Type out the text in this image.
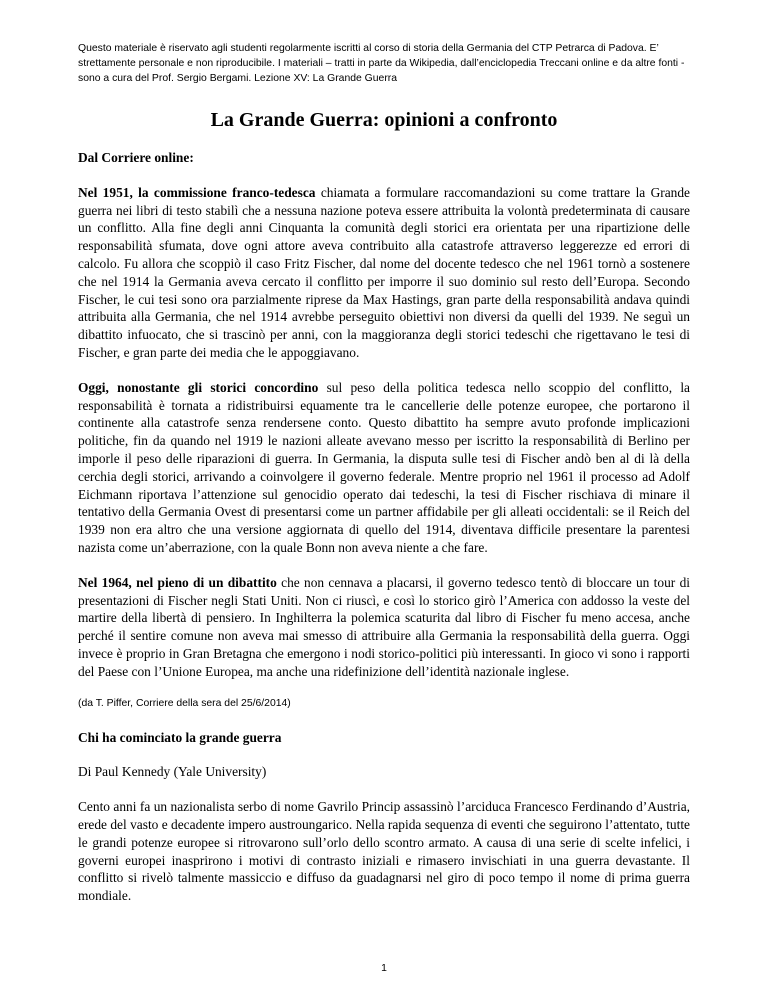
Questo materiale è riservato agli studenti regolarmente iscritti al corso di storia della Germania del CTP Petrarca di Padova. E’ strettamente personale e non riproducibile. I materiali – tratti in parte da Wikipedia, dall’enciclopedia Treccani online e da altre fonti - sono a cura del Prof. Sergio Bergami. Lezione XV: La Grande Guerra
La Grande Guerra: opinioni a confronto
Dal Corriere online:

Nel 1951, la commissione franco-tedesca chiamata a formulare raccomandazioni su come trattare la Grande guerra nei libri di testo stabilì che a nessuna nazione poteva essere attribuita la volontà predeterminata di causare un conflitto. Alla fine degli anni Cinquanta la comunità degli storici era orientata per una ripartizione delle responsabilità sfumata, dove ogni attore aveva contribuito alla catastrofe attraverso leggerezze ed errori di calcolo. Fu allora che scoppiò il caso Fritz Fischer, dal nome del docente tedesco che nel 1961 tornò a sostenere che nel 1914 la Germania aveva cercato il conflitto per imporre il suo dominio sul resto dell’Europa. Secondo Fischer, le cui tesi sono ora parzialmente riprese da Max Hastings, gran parte della responsabilità andava quindi attribuita alla Germania, che nel 1914 avrebbe perseguito obiettivi non diversi da quelli del 1939. Ne seguì un dibattito infuocato, che si trascinò per anni, con la maggioranza degli storici tedeschi che rigettavano le tesi di Fischer, e gran parte dei media che le appoggiavano.

Oggi, nonostante gli storici concordino sul peso della politica tedesca nello scoppio del conflitto, la responsabilità è tornata a ridistribuirsi equamente tra le cancellerie delle potenze europee, che portarono il continente alla catastrofe senza rendersene conto. Questo dibattito ha sempre avuto profonde implicazioni politiche, fin da quando nel 1919 le nazioni alleate avevano messo per iscritto la responsabilità di Berlino per imporle il peso delle riparazioni di guerra. In Germania, la disputa sulle tesi di Fischer andò ben al di là della cerchia degli storici, arrivando a coinvolgere il governo federale. Mentre proprio nel 1961 il processo ad Adolf Eichmann riportava l’attenzione sul genocidio operato dai tedeschi, la tesi di Fischer rischiava di minare il tentativo della Germania Ovest di presentarsi come un partner affidabile per gli alleati occidentali: se il Reich del 1939 non era altro che una versione aggiornata di quello del 1914, diventava difficile presentare la parentesi nazista come un’aberrazione, con la quale Bonn non aveva niente a che fare.

Nel 1964, nel pieno di un dibattito che non cennava a placarsi, il governo tedesco tentò di bloccare un tour di presentazioni di Fischer negli Stati Uniti. Non ci riuscì, e così lo storico girò l’America con addosso la veste del martire della libertà di pensiero. In Inghilterra la polemica scaturita dal libro di Fischer fu meno accesa, anche perché il sentire comune non aveva mai smesso di attribuire alla Germania la responsabilità della guerra. Oggi invece è proprio in Gran Bretagna che emergono i nodi storico-politici più interessanti. In gioco vi sono i rapporti del Paese con l’Unione Europea, ma anche una ridefinizione dell’identità nazionale inglese.

(da T. Piffer, Corriere della sera del 25/6/2014)
Chi ha cominciato la grande guerra
Di Paul Kennedy (Yale University)

Cento anni fa un nazionalista serbo di nome Gavrilo Princip assassinò l’arciduca Francesco Ferdinando d’Austria, erede del vasto e decadente impero austroungarico. Nella rapida sequenza di eventi che seguirono l’attentato, tutte le grandi potenze europee si ritrovarono sull’orlo dello scontro armato. A causa di una serie di scelte infelici, i governi europei inasprirono i motivi di contrasto iniziali e rimasero invischiati in una guerra devastante. Il conflitto si rivelò talmente massiccio e diffuso da guadagnarsi nel giro di poco tempo il nome di prima guerra mondiale.

1
